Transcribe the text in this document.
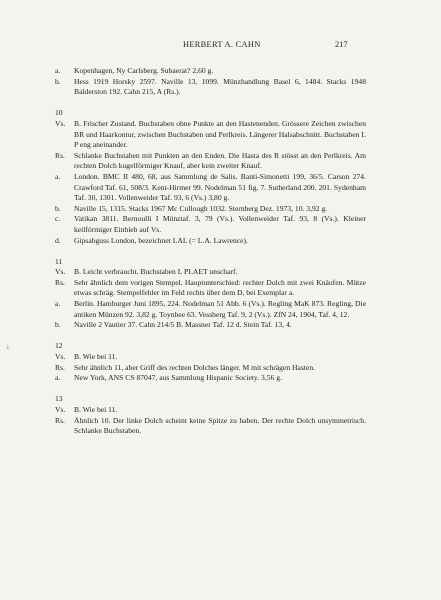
HERBERT A. CAHN	217
ꓕ
a. Kopenhagen, Ny Carlsberg. Subaerat? 2,60 g.
b. Hess 1919 Horsky 2597. Naville 13, 1099. Münzhandlung Basel 6, 1484. Stacks 1948 Balderston 192. Cahn 215, A (Rs.).
10
Vs. B. Frischer Zustand. Buchstaben ohne Punkte an den Hastenenden. Grössere Zeichen zwischen BR und Haarkontur, zwischen Buchstaben und Perlkreis. Längerer Halsabschnitt. Buchstaben L P eng aneinander.
Rs. Schlanke Buchstaben mit Punkten an den Enden. Die Hasta des R stösst an den Perlkreis. Am rechten Dolch kugelförmiger Knauf, aber kein zweiter Knauf.
a. London. BMC II 480, 68, aus Sammlung de Salis. Banti-Simonetti 199, 36/5. Carson 274. Crawford Taf. 61, 508/3. Kent-Hirmer 99. Nodelman 51 fig. 7. Sutherland 200. 201. Sydenham Taf. 30, 1301. Vollenweider Taf. 93, 6 (Vs.) 3,80 g.
b. Naville 15, 1315. Stacks 1967 Mc Cullough 1032. Sternberg Dez. 1973, 10. 3,92 g.
c. Vatikan 3811. Bernoulli I Münztaf. 3, 79 (Vs.). Vollenweider Taf. 93, 8 (Vs.). Kleiner keilförmiger Einhieb auf Vs.
d. Gipsabguss London, bezeichnet LAL (= L.A. Lawrence).
11
Vs. B. Leicht verbraucht. Buchstaben L PLAET unscharf.
Rs. Sehr ähnlich dem vorigen Stempel. Hauptunterschied: rechter Dolch mit zwei Knäufen. Mütze etwas schräg. Stempelfehler im Feld rechts über dem D, bei Exemplar a.
a. Berlin. Hamburger Juni 1895, 224. Nodelman 51 Abb. 6 (Vs.). Regling MaK 873. Regling, Die antiken Münzen 92. 3,82 g. Toynbee 63. Vessberg Taf. 9, 2 (Vs.). ZfN 24, 1904, Taf. 4, 12.
b. Naville 2 Vautier 37. Cahn 214/5 B. Massner Taf. 12 d. Stein Taf. 13, 4.
12
Vs. B. Wie bei 11.
Rs. Sehr ähnlich 11, aber Griff des rechten Dolches länger. M mit schrägen Hasten.
a. New York, ANS CS 87047, aus Sammlung Hispanic Society. 3,56 g.
13
Vs. B. Wie bei 11.
Rs. Ähnlich 10. Der linke Dolch scheint keine Spitze zu haben. Der rechte Dolch unsymmetrisch. Schlanke Buchstaben.
